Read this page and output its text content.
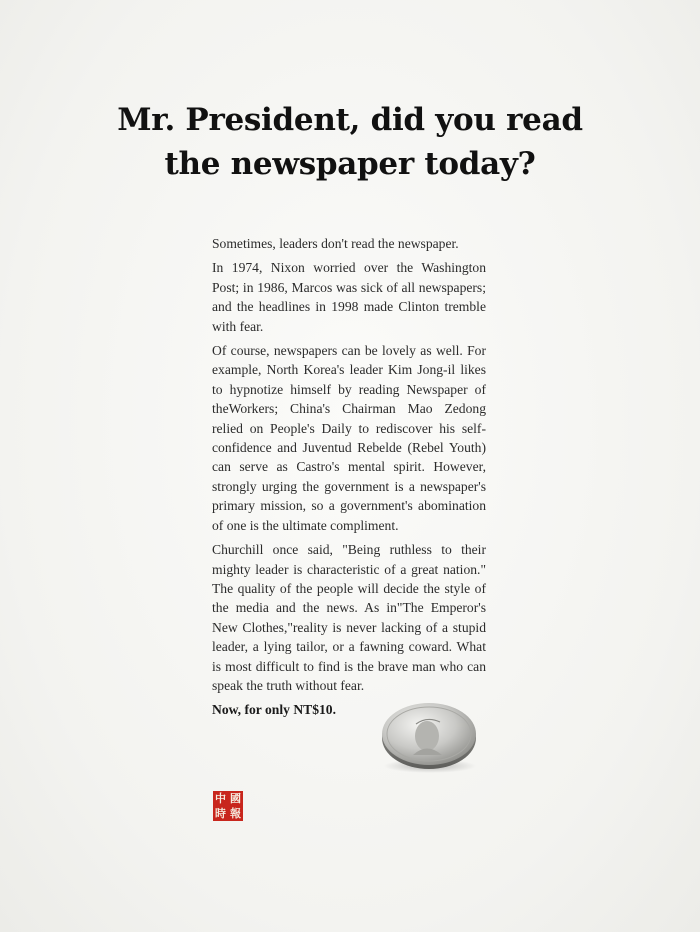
Mr. President, did you read
the newspaper today?

Sometimes, leaders don't read the newspaper.

In 1974, Nixon worried over the Washington Post; in 1986, Marcos was sick of all newspapers; and the headlines in 1998 made Clinton tremble with fear.

Of course, newspapers can be lovely as well. For example, North Korea's leader Kim Jong-il likes to hypnotize himself by reading Newspaper of theWorkers; China's Chairman Mao Zedong relied on People's Daily to rediscover his self-confidence and Juventud Rebelde (Rebel Youth) can serve as Castro's mental spirit. However, strongly urging the government is a newspaper's primary mission, so a government's abomination of one is the ultimate compliment.

Churchill once said, "Being ruthless to their mighty leader is characteristic of a great nation." The quality of the people will decide the style of the media and the news. As in"The Emperor's New Clothes,"reality is never lacking of a stupid leader, a lying tailor, or a fawning coward. What is most difficult to find is the brave man who can speak the truth without fear.

Now, for only NT$10.

中 國
時 報
